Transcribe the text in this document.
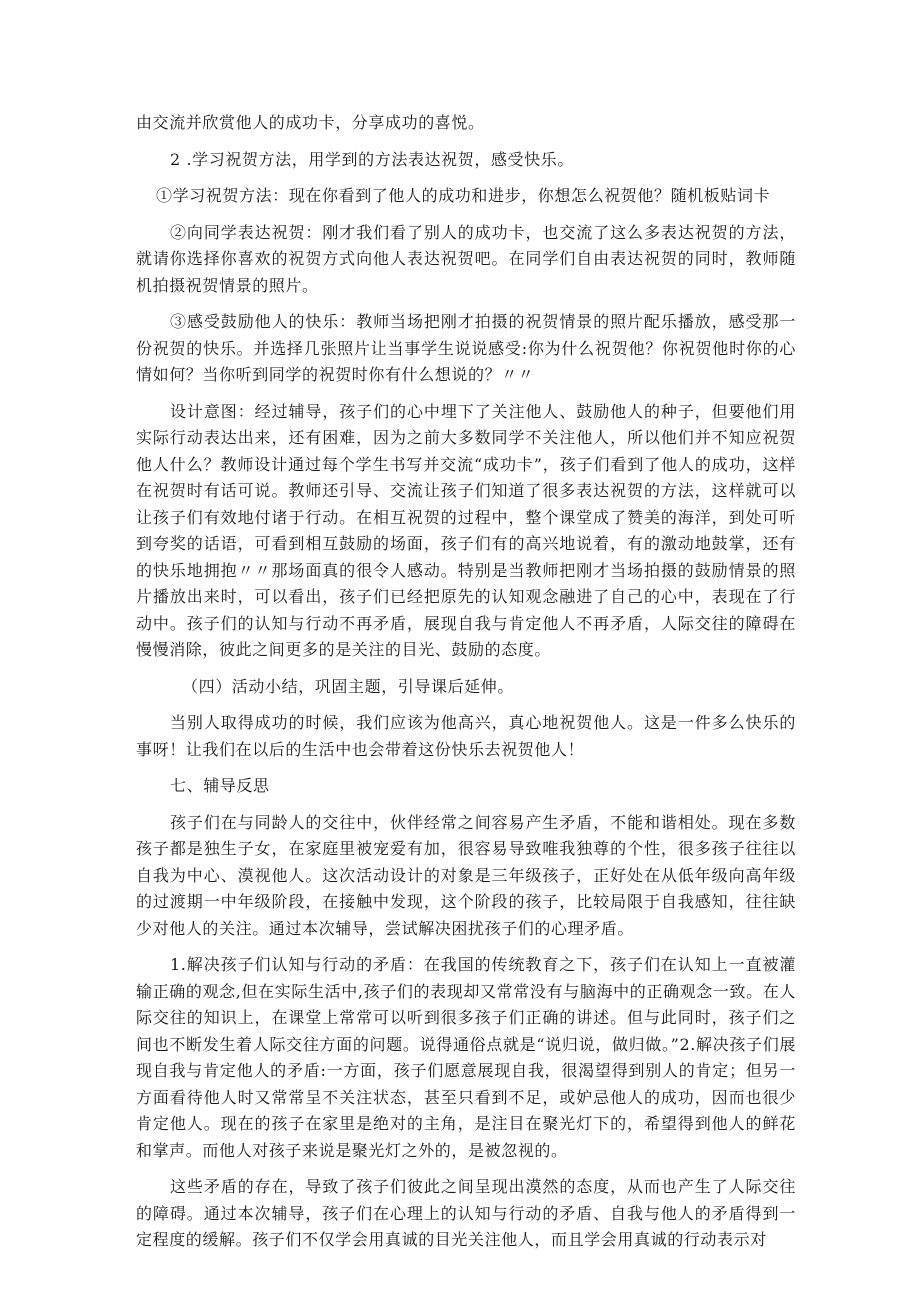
由交流并欣赏他人的成功卡，分享成功的喜悦。

2 .学习祝贺方法，用学到的方法表达祝贺，感受快乐。

①学习祝贺方法：现在你看到了他人的成功和进步，你想怎么祝贺他？随机板贴词卡

②向同学表达祝贺：刚才我们看了别人的成功卡，也交流了这么多表达祝贺的方法，就请你选择你喜欢的祝贺方式向他人表达祝贺吧。在同学们自由表达祝贺的同时，教师随机拍摄祝贺情景的照片。

③感受鼓励他人的快乐：教师当场把刚才拍摄的祝贺情景的照片配乐播放，感受那一份祝贺的快乐。并选择几张照片让当事学生说说感受:你为什么祝贺他？你祝贺他时你的心情如何？当你听到同学的祝贺时你有什么想说的？〃〃

设计意图：经过辅导，孩子们的心中埋下了关注他人、鼓励他人的种子，但要他们用实际行动表达出来，还有困难，因为之前大多数同学不关注他人，所以他们并不知应祝贺他人什么？教师设计通过每个学生书写并交流“成功卡”，孩子们看到了他人的成功，这样在祝贺时有话可说。教师还引导、交流让孩子们知道了很多表达祝贺的方法，这样就可以让孩子们有效地付诸于行动。在相互祝贺的过程中，整个课堂成了赞美的海洋，到处可听到夸奖的话语，可看到相互鼓励的场面，孩子们有的高兴地说着，有的激动地鼓掌，还有的快乐地拥抱〃〃那场面真的很令人感动。特别是当教师把刚才当场拍摄的鼓励情景的照片播放出来时，可以看出，孩子们已经把原先的认知观念融进了自己的心中，表现在了行动中。孩子们的认知与行动不再矛盾，展现自我与肯定他人不再矛盾，人际交往的障碍在慢慢消除，彼此之间更多的是关注的目光、鼓励的态度。

（四）活动小结，巩固主题，引导课后延伸。

当别人取得成功的时候，我们应该为他高兴，真心地祝贺他人。这是一件多么快乐的事呀！让我们在以后的生活中也会带着这份快乐去祝贺他人！

七、辅导反思

孩子们在与同龄人的交往中，伙伴经常之间容易产生矛盾，不能和谐相处。现在多数孩子都是独生子女，在家庭里被宠爱有加，很容易导致唯我独尊的个性，很多孩子往往以自我为中心、漠视他人。这次活动设计的对象是三年级孩子，正好处在从低年级向高年级的过渡期一中年级阶段，在接触中发现，这个阶段的孩子，比较局限于自我感知，往往缺少对他人的关注。通过本次辅导，尝试解决困扰孩子们的心理矛盾。

1.解决孩子们认知与行动的矛盾：在我国的传统教育之下，孩子们在认知上一直被灌输正确的观念,但在实际生活中,孩子们的表现却又常常没有与脑海中的正确观念一致。在人际交往的知识上，在课堂上常常可以听到很多孩子们正确的讲述。但与此同时，孩子们之间也不断发生着人际交往方面的问题。说得通俗点就是“说归说，做归做。”2.解决孩子们展现自我与肯定他人的矛盾:一方面，孩子们愿意展现自我，很渴望得到别人的肯定；但另一方面看待他人时又常常呈不关注状态，甚至只看到不足，或妒忌他人的成功，因而也很少肯定他人。现在的孩子在家里是绝对的主角，是注目在聚光灯下的，希望得到他人的鲜花和掌声。而他人对孩子来说是聚光灯之外的，是被忽视的。

这些矛盾的存在，导致了孩子们彼此之间呈现出漠然的态度，从而也产生了人际交往的障碍。通过本次辅导，孩子们在心理上的认知与行动的矛盾、自我与他人的矛盾得到一定程度的缓解。孩子们不仅学会用真诚的目光关注他人，而且学会用真诚的行动表示对
